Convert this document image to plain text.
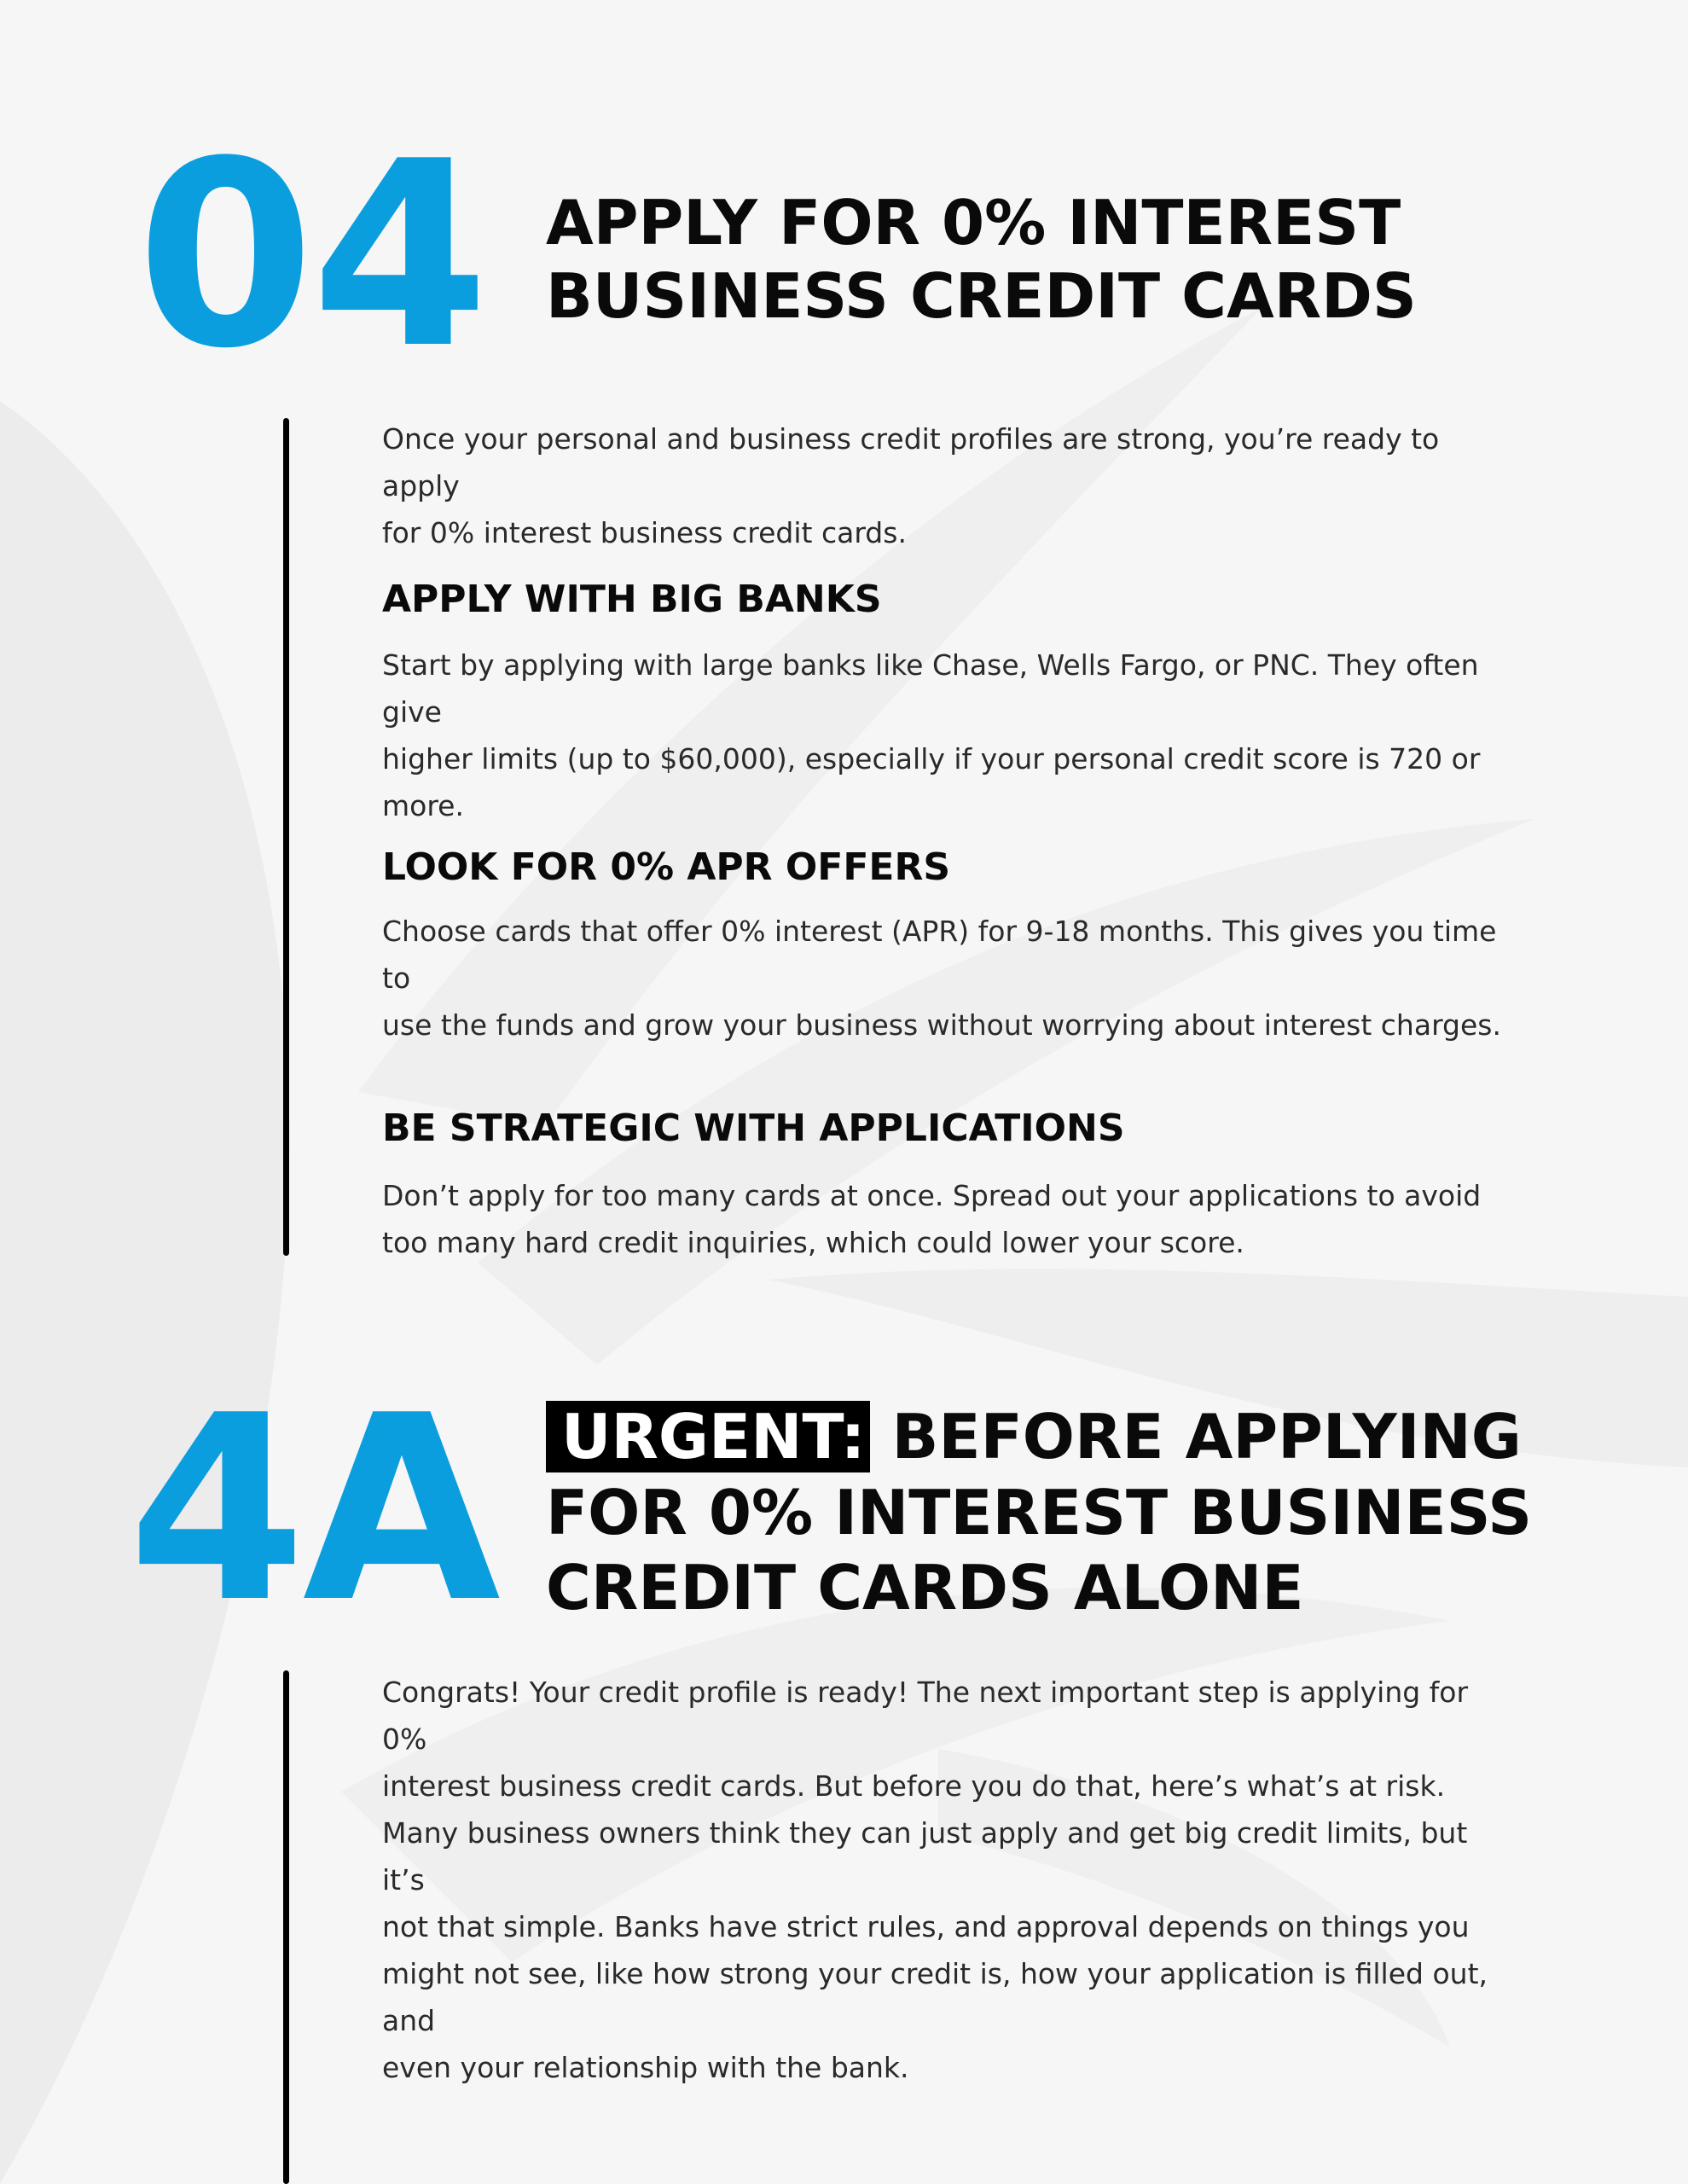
04 APPLY FOR 0% INTEREST
BUSINESS CREDIT CARDS
Once your personal and business credit profiles are strong, you’re ready to apply
for 0% interest business credit cards.
APPLY WITH BIG BANKS
Start by applying with large banks like Chase, Wells Fargo, or PNC. They often give
higher limits (up to $60,000), especially if your personal credit score is 720 or more.
LOOK FOR 0% APR OFFERS
Choose cards that offer 0% interest (APR) for 9-18 months. This gives you time to
use the funds and grow your business without worrying about interest charges.
BE STRATEGIC WITH APPLICATIONS
Don’t apply for too many cards at once. Spread out your applications to avoid
too many hard credit inquiries, which could lower your score.
4A URGENT: BEFORE APPLYING
FOR 0% INTEREST BUSINESS
CREDIT CARDS ALONE
Congrats! Your credit profile is ready! The next important step is applying for 0%
interest business credit cards. But before you do that, here’s what’s at risk.
Many business owners think they can just apply and get big credit limits, but it’s
not that simple. Banks have strict rules, and approval depends on things you
might not see, like how strong your credit is, how your application is filled out, and
even your relationship with the bank.
